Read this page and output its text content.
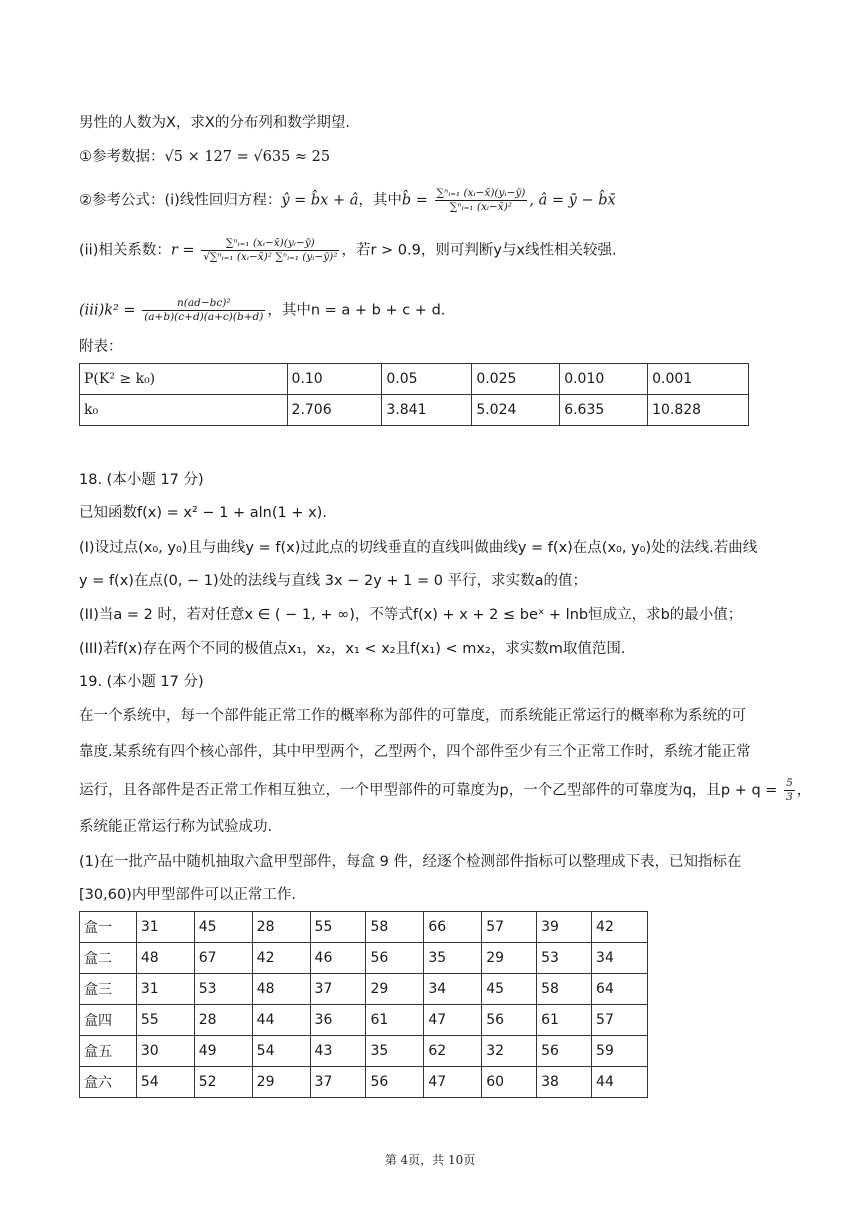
男性的人数为X，求X的分布列和数学期望.
①参考数据：√5 × 127 = √635 ≈ 25
②参考公式：(i)线性回归方程：ŷ = b̂x + â，其中b̂ = $\frac{\text{∑ⁿᵢ₌₁ (xᵢ−x̄)(yᵢ−ȳ)}}{\text{∑ⁿᵢ₌₁ (xᵢ−x̄)²}}$ , â = ȳ − b̂x̄
(ii)相关系数：$r = \frac{\text{∑ⁿᵢ₌₁ (xᵢ−x̄)(yᵢ−ȳ)}}{\text{√∑ⁿᵢ₌₁ (xᵢ−x̄)² ∑ⁿᵢ₌₁ (yᵢ−ȳ)²}}$ ，若r > 0.9，则可判断y与x线性相关较强.
$(iii)k^2 = \frac{\text{n(ad−bc)²}}{(a+b)(c+d)(a+c)(b+d)}$ ，其中n = a + b + c + d.
附表：
P(K² ≥ k₀)	0.10	0.05	0.025	0.010	0.001
k₀	2.706	3.841	5.024	6.635	10.828
18. (本小题 17 分)
已知函数f(x) = x² − 1 + aln(1 + x).
(I)设过点(x₀, y₀)且与曲线y = f(x)过此点的切线垂直的直线叫做曲线y = f(x)在点(x₀, y₀)处的法线.若曲线
y = f(x)在点(0, − 1)处的法线与直线 3x − 2y + 1 = 0 平行，求实数a的值；
(II)当a = 2 时，若对任意x ∈ ( − 1, + ∞)，不等式f(x) + x + 2 ≤ beˣ + lnb恒成立，求b的最小值；
(III)若f(x)存在两个不同的极值点x₁，x₂，x₁ < x₂且f(x₁) < mx₂，求实数m取值范围.
19. (本小题 17 分)
在一个系统中，每一个部件能正常工作的概率称为部件的可靠度，而系统能正常运行的概率称为系统的可
靠度.某系统有四个核心部件，其中甲型两个，乙型两个，四个部件至少有三个正常工作时，系统才能正常
运行，且各部件是否正常工作相互独立，一个甲型部件的可靠度为p，一个乙型部件的可靠度为q，且$p + q = \frac{5}{3}$ ，
系统能正常运行称为试验成功.
(1)在一批产品中随机抽取六盒甲型部件，每盒 9 件，经逐个检测部件指标可以整理成下表，已知指标在
[30,60)内甲型部件可以正常工作.
盒一	31	45	28	55	58	66	57	39	42
盒二	48	67	42	46	56	35	29	53	34
盒三	31	53	48	37	29	34	45	58	64
盒四	55	28	44	36	61	47	56	61	57
盒五	30	49	54	43	35	62	32	56	59
盒六	54	52	29	37	56	47	60	38	44
第 4页，共 10页
